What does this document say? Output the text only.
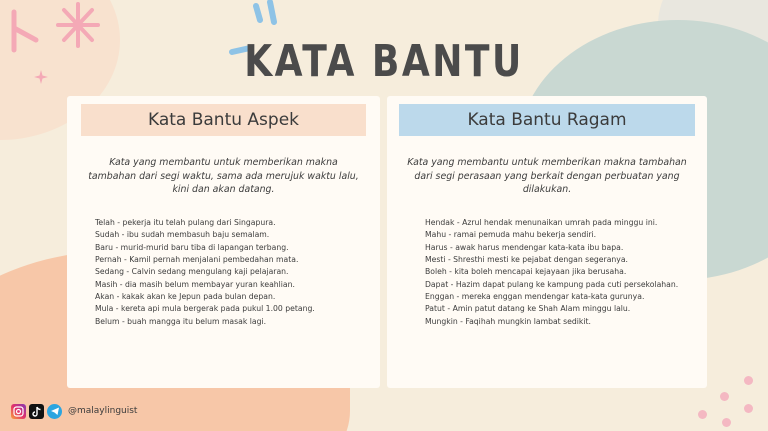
KATA BANTU
Kata Bantu Aspek
Kata yang membantu untuk memberikan makna tambahan dari segi waktu, sama ada merujuk waktu lalu, kini dan akan datang.
Telah - pekerja itu telah pulang dari Singapura.
Sudah - ibu sudah membasuh baju semalam.
Baru - murid-murid baru tiba di lapangan terbang.
Pernah - Kamil pernah menjalani pembedahan mata.
Sedang - Calvin sedang mengulang kaji pelajaran.
Masih - dia masih belum membayar yuran keahlian.
Akan - kakak akan ke Jepun pada bulan depan.
Mula - kereta api mula bergerak pada pukul 1.00 petang.
Belum - buah mangga itu belum masak lagi.
Kata Bantu Ragam
Kata yang membantu untuk memberikan makna tambahan dari segi perasaan yang berkait dengan perbuatan yang dilakukan.
Hendak - Azrul hendak menunaikan umrah pada minggu ini.
Mahu - ramai pemuda mahu bekerja sendiri.
Harus - awak harus mendengar kata-kata ibu bapa.
Mesti - Shresthi mesti ke pejabat dengan segeranya.
Boleh - kita boleh mencapai kejayaan jika berusaha.
Dapat - Hazim dapat pulang ke kampung pada cuti persekolahan.
Enggan - mereka enggan mendengar kata-kata gurunya.
Patut - Amin patut datang ke Shah Alam minggu lalu.
Mungkin - Faqihah mungkin lambat sedikit.
@malaylinguist
